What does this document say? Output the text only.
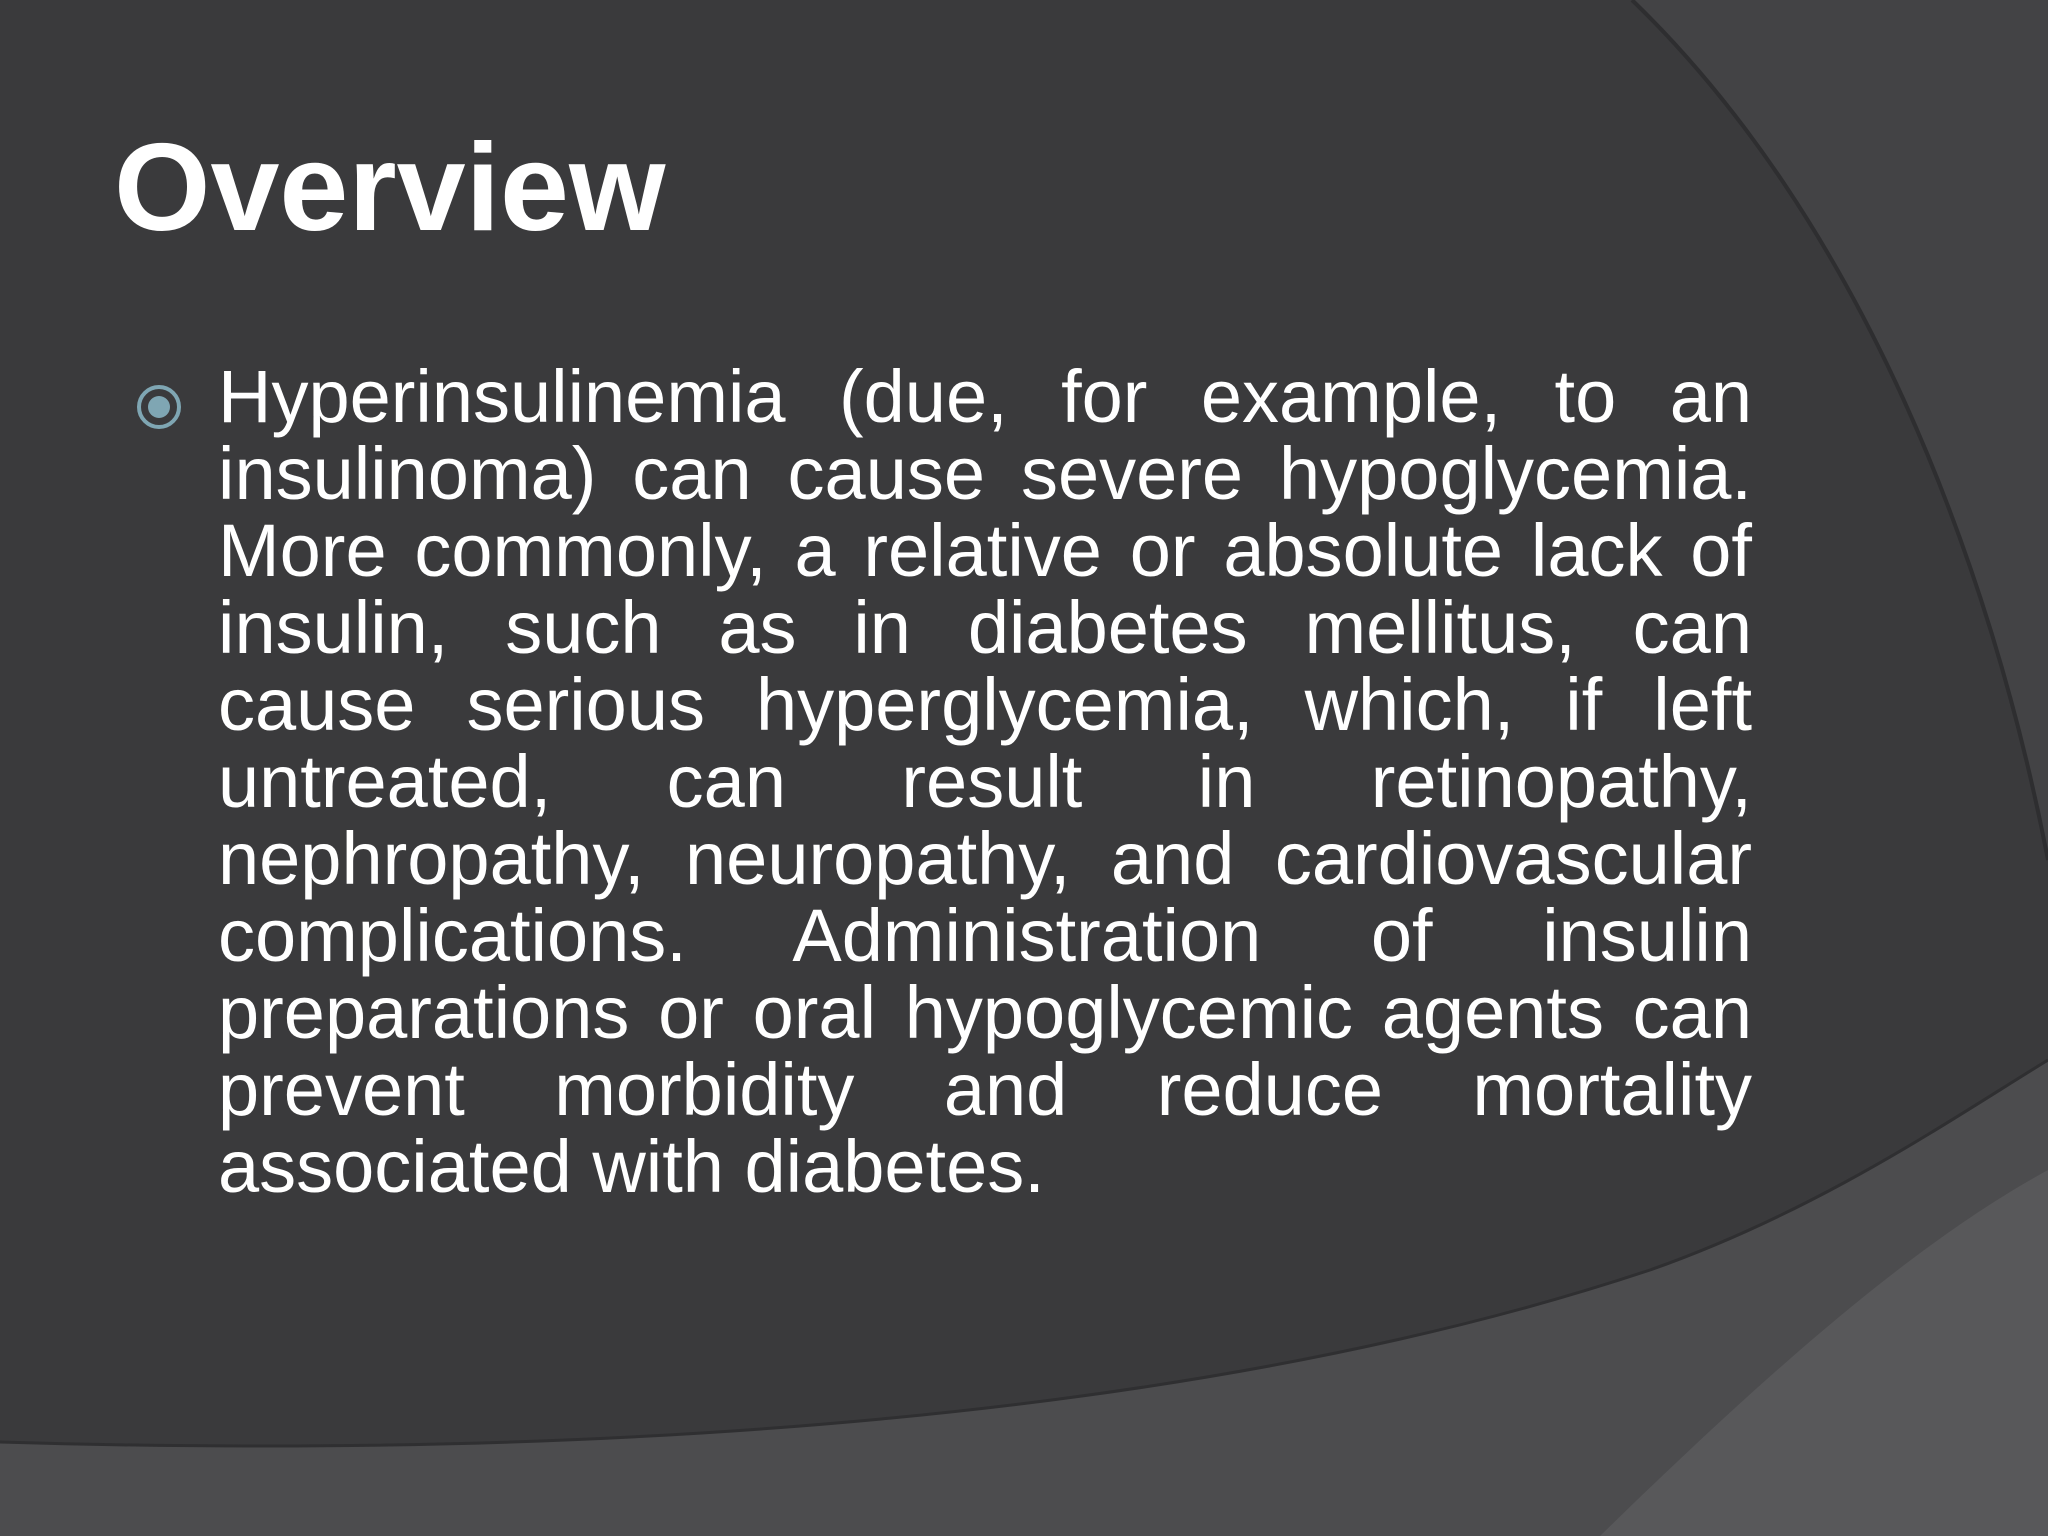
Overview

Hyperinsulinemia (due, for example, to an insulinoma) can cause severe hypoglycemia. More commonly, a relative or absolute lack of insulin, such as in diabetes mellitus, can cause serious hyperglycemia, which, if left untreated, can result in retinopathy, nephropathy, neuropathy, and cardiovascular complications. Administration of insulin preparations or oral hypoglycemic agents can prevent morbidity and reduce mortality associated with diabetes.
